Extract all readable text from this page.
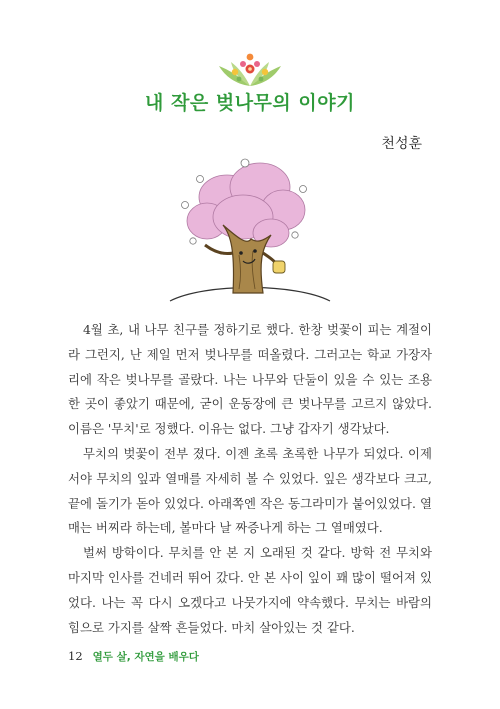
내 작은 벚나무의 이야기
천성훈

4월 초, 내 나무 친구를 정하기로 했다. 한창 벚꽃이 피는 계절이라 그런지, 난 제일 먼저 벚나무를 떠올렸다. 그러고는 학교 가장자리에 작은 벚나무를 골랐다. 나는 나무와 단둘이 있을 수 있는 조용한 곳이 좋았기 때문에, 굳이 운동장에 큰 벚나무를 고르지 않았다. 이름은 '무치'로 정했다. 이유는 없다. 그냥 갑자기 생각났다.

무치의 벚꽃이 전부 졌다. 이젠 초록 초록한 나무가 되었다. 이제서야 무치의 잎과 열매를 자세히 볼 수 있었다. 잎은 생각보다 크고, 끝에 돌기가 돋아 있었다. 아래쪽엔 작은 동그라미가 붙어있었다. 열매는 버찌라 하는데, 볼마다 날 짜증나게 하는 그 열매였다.

벌써 방학이다. 무치를 안 본 지 오래된 것 같다. 방학 전 무치와 마지막 인사를 건네러 뛰어 갔다. 안 본 사이 잎이 꽤 많이 떨어져 있었다. 나는 꼭 다시 오겠다고 나뭇가지에 약속했다. 무치는 바람의 힘으로 가지를 살짝 흔들었다. 마치 살아있는 것 같다.

12 열두 살, 자연을 배우다
